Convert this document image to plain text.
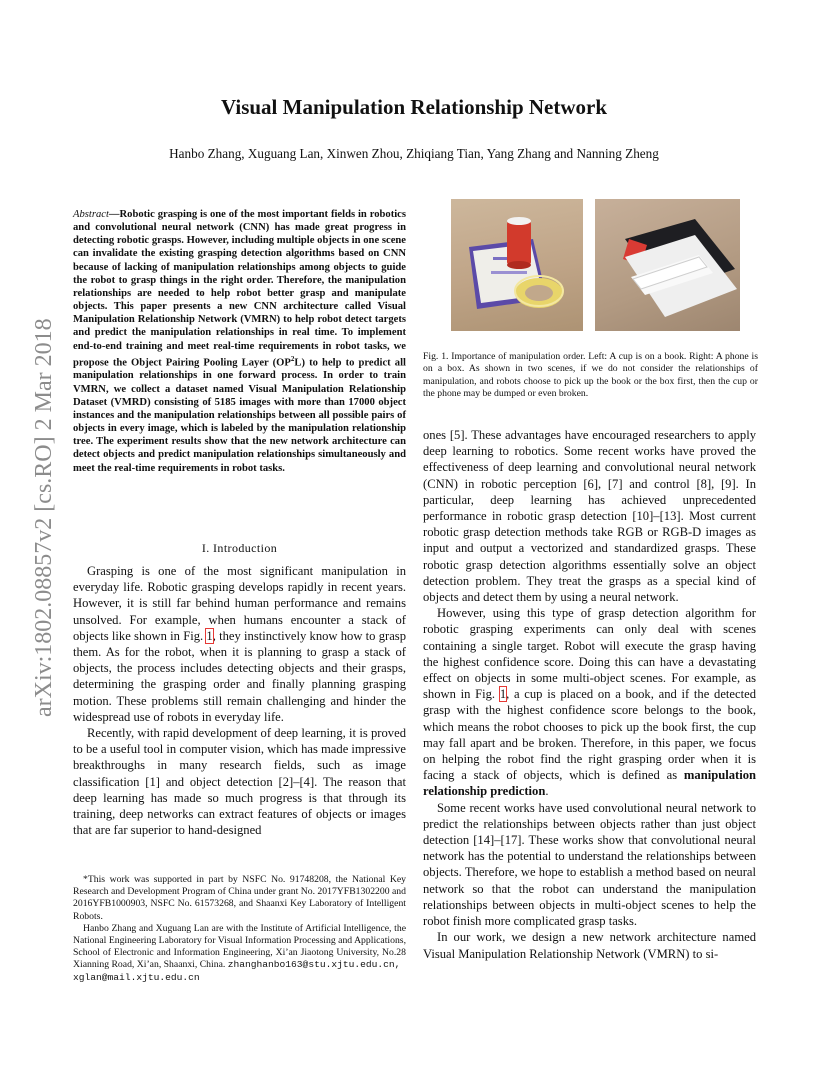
arXiv:1802.08857v2 [cs.RO] 2 Mar 2018
Visual Manipulation Relationship Network
Hanbo Zhang, Xuguang Lan, Xinwen Zhou, Zhiqiang Tian, Yang Zhang and Nanning Zheng
Abstract—Robotic grasping is one of the most important fields in robotics and convolutional neural network (CNN) has made great progress in detecting robotic grasps. However, including multiple objects in one scene can invalidate the existing grasping detection algorithms based on CNN because of lacking of manipulation relationships among objects to guide the robot to grasp things in the right order. Therefore, the manipulation relationships are needed to help robot better grasp and manipulate objects. This paper presents a new CNN architecture called Visual Manipulation Relationship Network (VMRN) to help robot detect targets and predict the manipulation relationships in real time. To implement end-to-end training and meet real-time requirements in robot tasks, we propose the Object Pairing Pooling Layer $(OP^2L)$ to help to predict all manipulation relationships in one forward process. In order to train VMRN, we collect a dataset named Visual Manipulation Relationship Dataset (VMRD) consisting of 5185 images with more than 17000 object instances and the manipulation relationships between all possible pairs of objects in every image, which is labeled by the manipulation relationship tree. The experiment results show that the new network architecture can detect objects and predict manipulation relationships simultaneously and meet the real-time requirements in robot tasks.
I. Introduction

Grasping is one of the most significant manipulation in everyday life. Robotic grasping develops rapidly in recent years. However, it is still far behind human performance and remains unsolved. For example, when humans encounter a stack of objects like shown in Fig. 1, they instinctively know how to grasp them. As for the robot, when it is planning to grasp a stack of objects, the process includes detecting objects and their grasps, determining the grasping order and finally planning grasping motion. These problems still remain challenging and hinder the widespread use of robots in everyday life.

Recently, with rapid development of deep learning, it is proved to be a useful tool in computer vision, which has made impressive breakthroughs in many research fields, such as image classification [1] and object detection [2]–[4]. The reason that deep learning has made so much progress is that through its training, deep networks can extract features of objects or images that are far superior to hand-designed

*This work was supported in part by NSFC No. 91748208, the National Key Research and Development Program of China under grant No. 2017YFB1302200 and 2016YFB1000903, NSFC No. 61573268, and Shaanxi Key Laboratory of Intelligent Robots.

Hanbo Zhang and Xuguang Lan are with the Institute of Artificial Intelligence, the National Engineering Laboratory for Visual Information Processing and Applications, School of Electronic and Information Engineering, Xi’an Jiaotong University, No.28 Xianning Road, Xi’an, Shaanxi, China. zhanghanbo163@stu.xjtu.edu.cn,
xglan@mail.xjtu.edu.cn

Fig. 1. Importance of manipulation order. Left: A cup is on a book. Right: A phone is on a box. As shown in two scenes, if we do not consider the relationships of manipulation, and robots choose to pick up the book or the box first, then the cup or the phone may be dumped or even broken.

ones [5]. These advantages have encouraged researchers to apply deep learning to robotics. Some recent works have proved the effectiveness of deep learning and convolutional neural network (CNN) in robotic perception [6], [7] and control [8], [9]. In particular, deep learning has achieved unprecedented performance in robotic grasp detection [10]–[13]. Most current robotic grasp detection methods take RGB or RGB-D images as input and output a vectorized and standardized grasps. These robotic grasp detection algorithms essentially solve an object detection problem. They treat the grasps as a special kind of objects and detect them by using a neural network.

However, using this type of grasp detection algorithm for robotic grasping experiments can only deal with scenes containing a single target. Robot will execute the grasp having the highest confidence score. Doing this can have a devastating effect on objects in some multi-object scenes. For example, as shown in Fig. 1, a cup is placed on a book, and if the detected grasp with the highest confidence score belongs to the book, which means the robot chooses to pick up the book first, the cup may fall apart and be broken. Therefore, in this paper, we focus on helping the robot find the right grasping order when it is facing a stack of objects, which is defined as manipulation relationship prediction.

Some recent works have used convolutional neural network to predict the relationships between objects rather than just object detection [14]–[17]. These works show that convolutional neural network has the potential to understand the relationships between objects. Therefore, we hope to establish a method based on neural network so that the robot can understand the manipulation relationships between objects in multi-object scenes to help the robot finish more complicated grasp tasks.

In our work, we design a new network architecture named Visual Manipulation Relationship Network (VMRN) to si-
